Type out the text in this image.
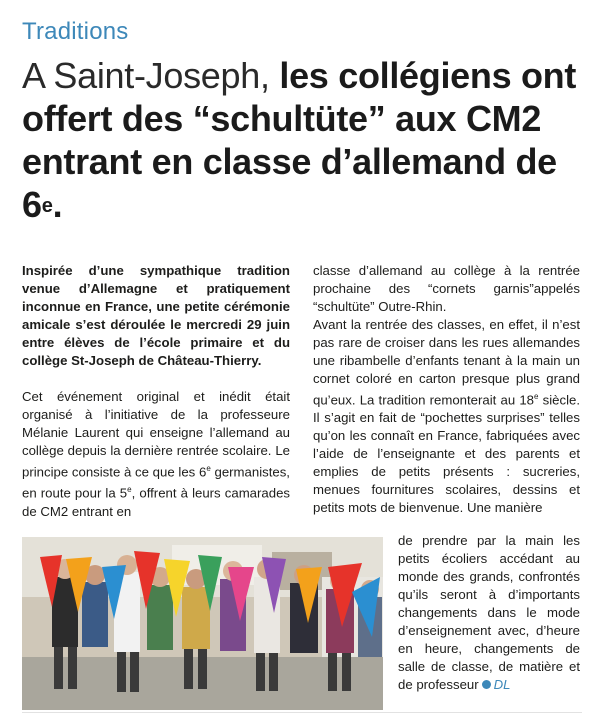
Traditions
A Saint-Joseph, les collégiens ont offert des “schultüte” aux CM2 entrant en classe d’allemand de 6e.

Inspirée d’une sympathique tradition venue d’Allemagne et pratiquement inconnue en France, une petite cérémonie amicale s’est déroulée le mercredi 29 juin entre élèves de l’école primaire et du collège St-Joseph de Château-Thierry.

Cet événement original et inédit était organisé à l’initiative de la professeure Mélanie Laurent qui enseigne l’allemand au collège depuis la dernière rentrée scolaire. Le principe consiste à ce que les 6e germanistes, en route pour la 5e, offrent à leurs camarades de CM2 entrant en

classe d’allemand au collège à la rentrée prochaine des “cornets garnis”appelés “schultüte” Outre-Rhin.

Avant la rentrée des classes, en effet, il n’est pas rare de croiser dans les rues allemandes une ribambelle d’enfants tenant à la main un cornet coloré en carton presque plus grand qu’eux. La tradition remonterait au 18e siècle. Il s’agit en fait de “pochettes surprises” telles qu’on les connaît en France, fabriquées avec l’aide de l’enseignante et des parents et emplies de petits présents : sucreries, menues fournitures scolaires, dessins et petits mots de bienvenue. Une manière

de prendre par la main les petits écoliers accédant au monde des grands, confrontés qu’ils seront à d’importants changements dans le mode d’enseignement avec, d’heure en heure, changements de salle de classe, de matière et de professeur DL
